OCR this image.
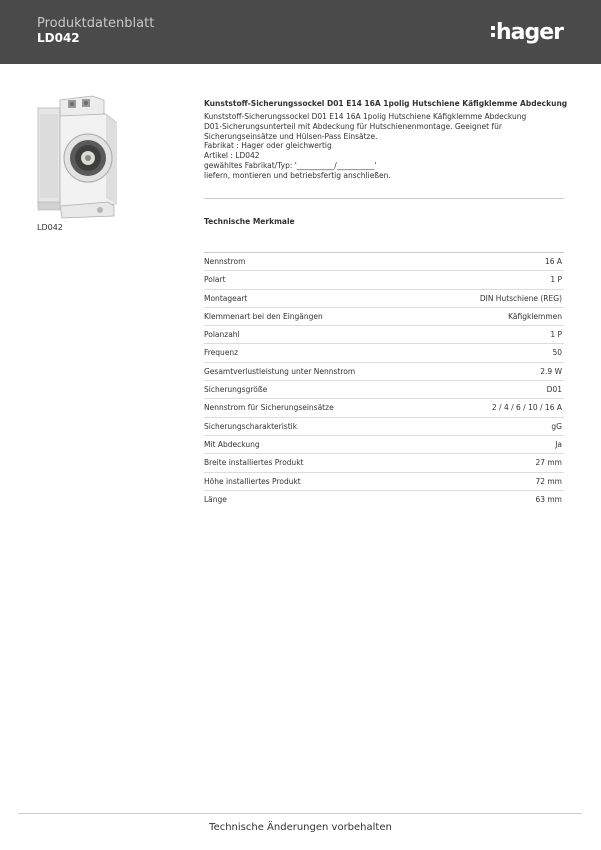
Produktdatenblatt
LD042	hager
LD042
Kunststoff-Sicherungssockel D01 E14 16A 1polig Hutschiene Käfigklemme Abdeckung
Kunststoff-Sicherungssockel D01 E14 16A 1polig Hutschiene Käfigklemme Abdeckung
D01-Sicherungsunterteil mit Abdeckung für Hutschienenmontage. Geeignet für
Sicherungseinsätze und Hülsen-Pass Einsätze.
Fabrikat : Hager oder gleichwertig
Artikel : LD042
gewähltes Fabrikat/Typ: '__________/__________'
liefern, montieren und betriebsfertig anschließen.
Technische Merkmale
Nennstrom	16 A
Polart	1 P
Montageart	DIN Hutschiene (REG)
Klemmenart bei den Eingängen	Käfigklemmen
Polanzahl	1 P
Frequenz	50
Gesamtverlustleistung unter Nennstrom	2.9 W
Sicherungsgröße	D01
Nennstrom für Sicherungseinsätze	2 / 4 / 6 / 10 / 16 A
Sicherungscharakteristik	gG
Mit Abdeckung	Ja
Breite installiertes Produkt	27 mm
Höhe installiertes Produkt	72 mm
Länge	63 mm
Technische Änderungen vorbehalten
